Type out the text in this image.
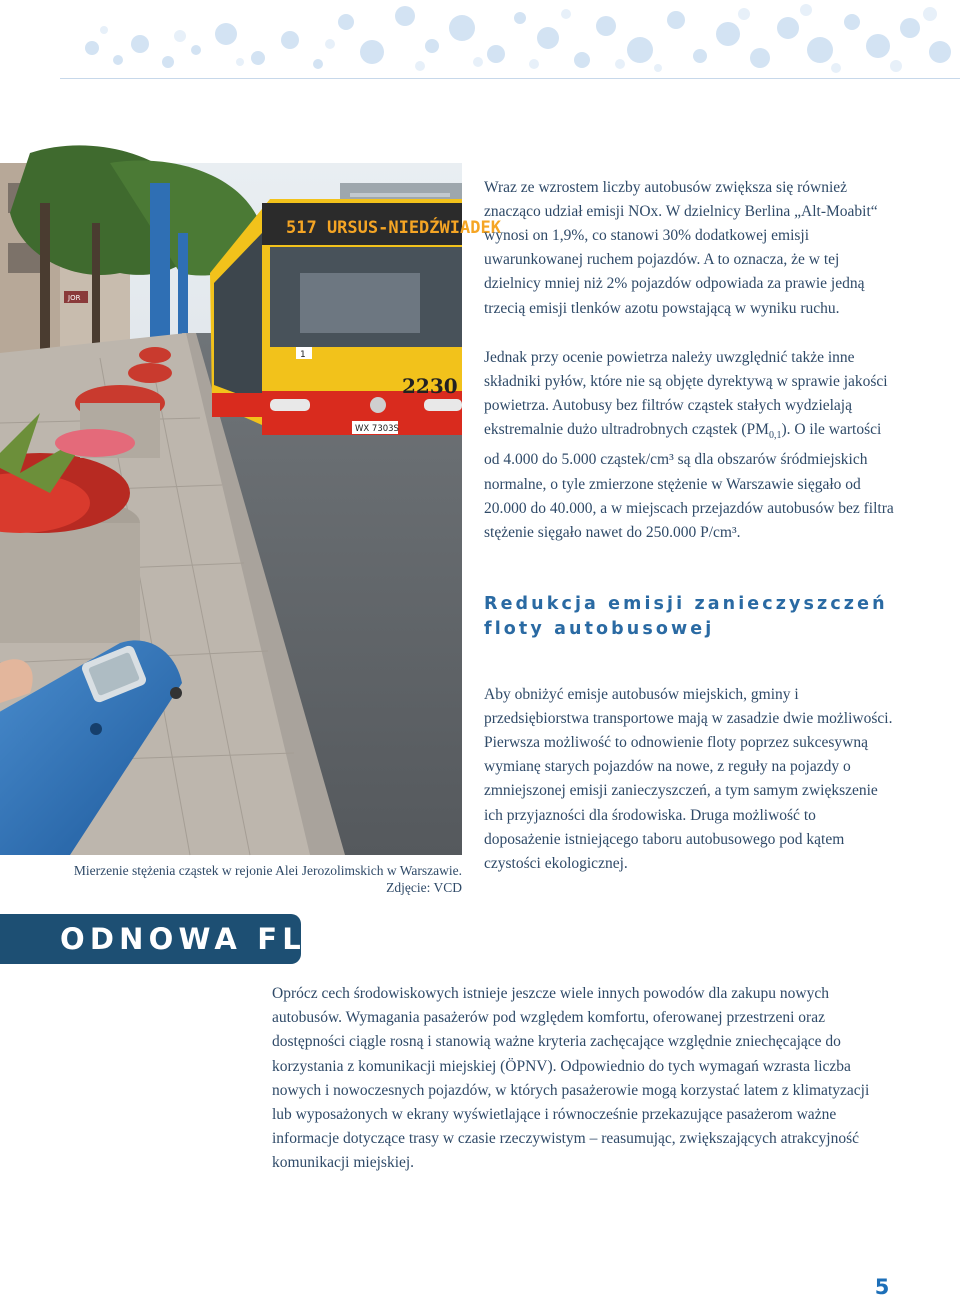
JOR
517 URSUS-NIEDŹWIADEK
1
2230
WX 7303S
Mierzenie stężenia cząstek w rejonie Alei Jerozolimskich w Warszawie.
Zdjęcie: VCD

Wraz ze wzrostem liczby autobusów zwiększa się również znacząco udział emisji NOx. W dzielnicy Berlina „Alt-Moabit“ wynosi on 1,9%, co stanowi 30% dodatkowej emisji uwarunkowanej ruchem pojazdów. A to oznacza, że w tej dzielnicy mniej niż 2% pojazdów odpowiada za prawie jedną trzecią emisji tlenków azotu powstającą w wyniku ruchu.

Jednak przy ocenie powietrza należy uwzględnić także inne składniki pyłów, które nie są objęte dyrektywą w sprawie jakości powietrza. Autobusy bez filtrów cząstek stałych wydzielają ekstremalnie dużo ultradrobnych cząstek $(PM_{0,1})$. O ile wartości od 4.000 do 5.000 cząstek/cm³ są dla obszarów śródmiejskich normalne, o tyle zmierzone stężenie w Warszawie sięgało od 20.000 do 40.000, a w miejscach przejazdów autobusów bez filtra stężenie sięgało nawet do 250.000 P/cm³.

Redukcja emisji zanieczyszczeń floty autobusowej

Aby obniżyć emisje autobusów miejskich, gminy i przedsiębiorstwa transportowe mają w zasadzie dwie możliwości. Pierwsza możliwość to odnowienie floty poprzez sukcesywną wymianę starych pojazdów na nowe, z reguły na pojazdy o zmniejszonej emisji zanieczyszczeń, a tym samym zwiększenie ich przyjazności dla środowiska. Druga możliwość to doposażenie istniejącego taboru autobusowego pod kątem czystości ekologicznej.

ODNOWA FLOTY

Oprócz cech środowiskowych istnieje jeszcze wiele innych powodów dla zakupu nowych autobusów. Wymagania pasażerów pod względem komfortu, oferowanej przestrzeni oraz dostępności ciągle rosną i stanowią ważne kryteria zachęcające względnie zniechęcające do korzystania z komunikacji miejskiej (ÖPNV). Odpowiednio do tych wymagań wzrasta liczba nowych i nowoczesnych pojazdów, w których pasażerowie mogą korzystać latem z klimatyzacji lub wyposażonych w ekrany wyświetlające i równocześnie przekazujące pasażerom ważne informacje dotyczące trasy w czasie rzeczywistym – reasumując, zwiększających atrakcyjność komunikacji miejskiej.

5
